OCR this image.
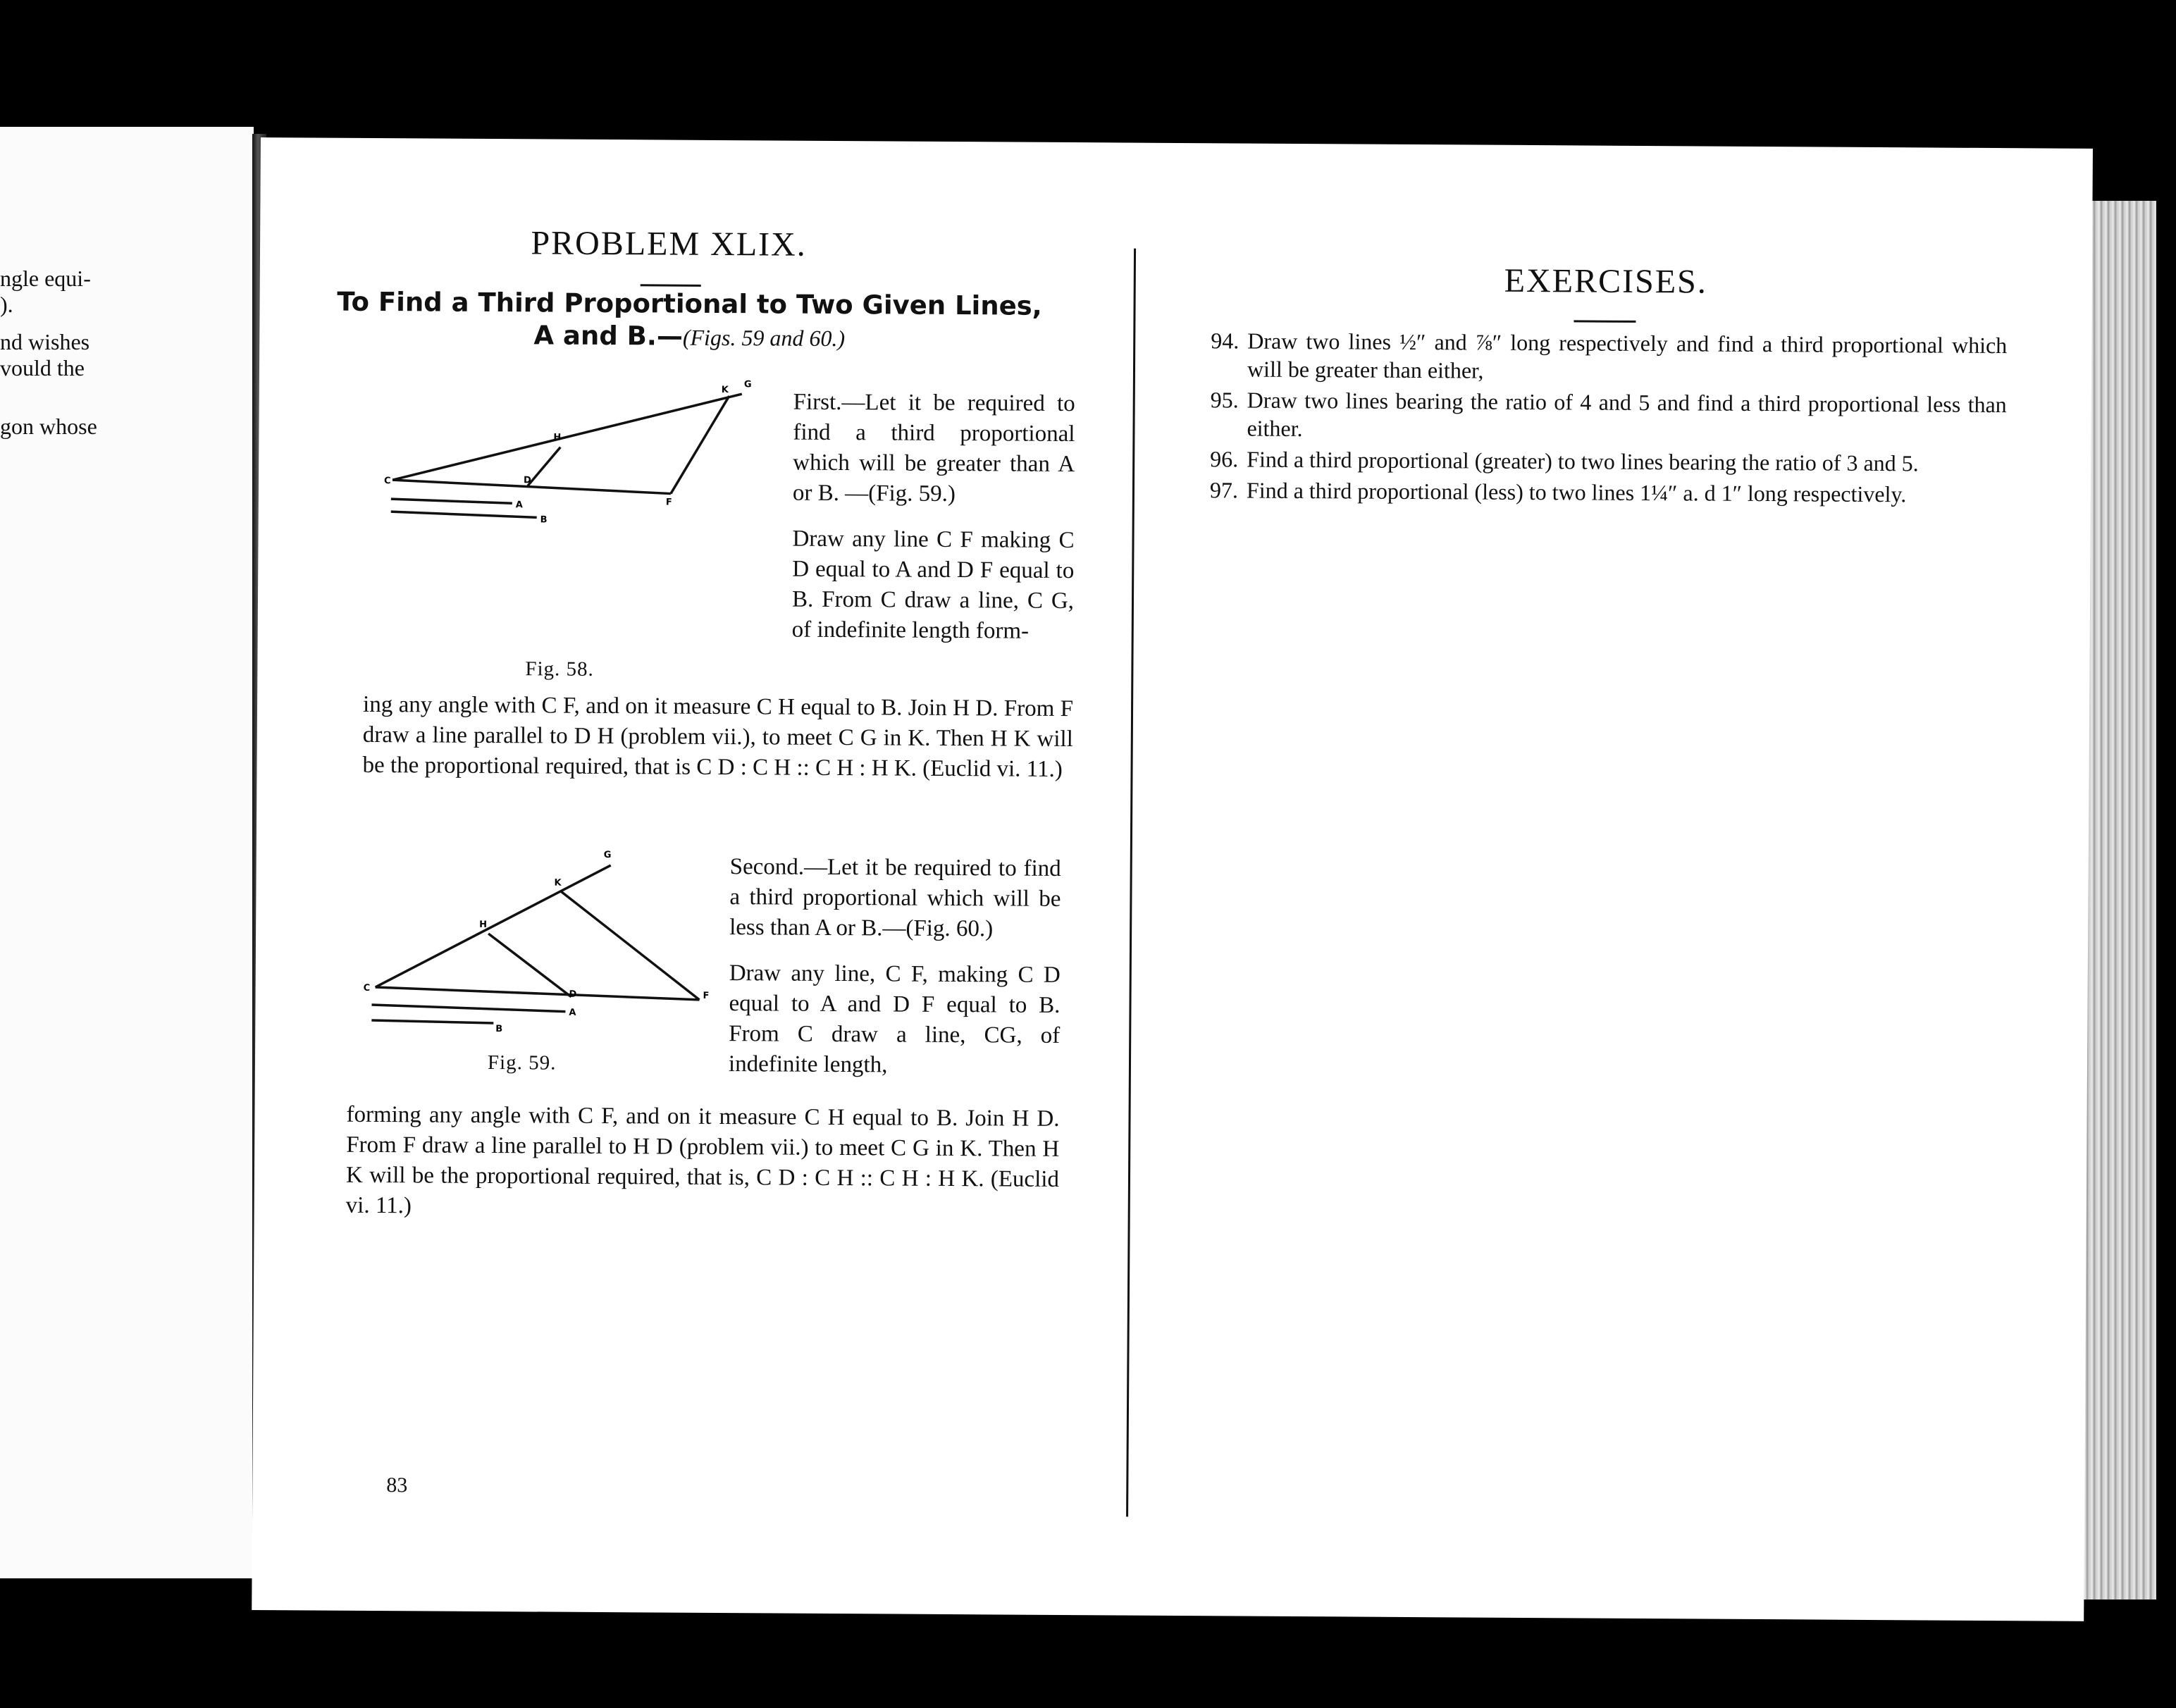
ngle equi-
).
nd wishes
vould the
gon whose
PROBLEM XLIX.
To Find a Third Proportional to Two Given Lines,
A and B.—(Figs. 59 and 60.)
C	D
F
H
K
G
A
B
Fig. 58.

First.—Let it be required to find a third proportional which will be greater than A or B. —(Fig. 59.)

Draw any line C F making C D equal to A and D F equal to B. From C draw a line, C G, of indefinite length form-

ing any angle with C F, and on it measure C H equal to B. Join H D. From F draw a line parallel to D H (problem vii.), to meet C G in K. Then H K will be the proportional required, that is C D : C H :: C H : H K. (Euclid vi. 11.)
C
D	F
H
K
G
A
B
Fig. 59.

Second.—Let it be required to find a third proportional which will be less than A or B.—(Fig. 60.)

Draw any line, C F, making C D equal to A and D F equal to B. From C draw a line, CG, of indefinite length,

forming any angle with C F, and on it measure C H equal to B. Join H D. From F draw a line parallel to H D (problem vii.) to meet C G in K. Then H K will be the proportional required, that is, C D : C H :: C H : H K. (Euclid vi. 11.)
83
EXERCISES.
94. Draw two lines ½″ and ⅞″ long respectively and find a third proportional which will be greater than either,
95. Draw two lines bearing the ratio of 4 and 5 and find a third proportional less than either.
96. Find a third proportional (greater) to two lines bearing the ratio of 3 and 5.
97. Find a third proportional (less) to two lines 1¼″ a. d 1″ long respectively.
